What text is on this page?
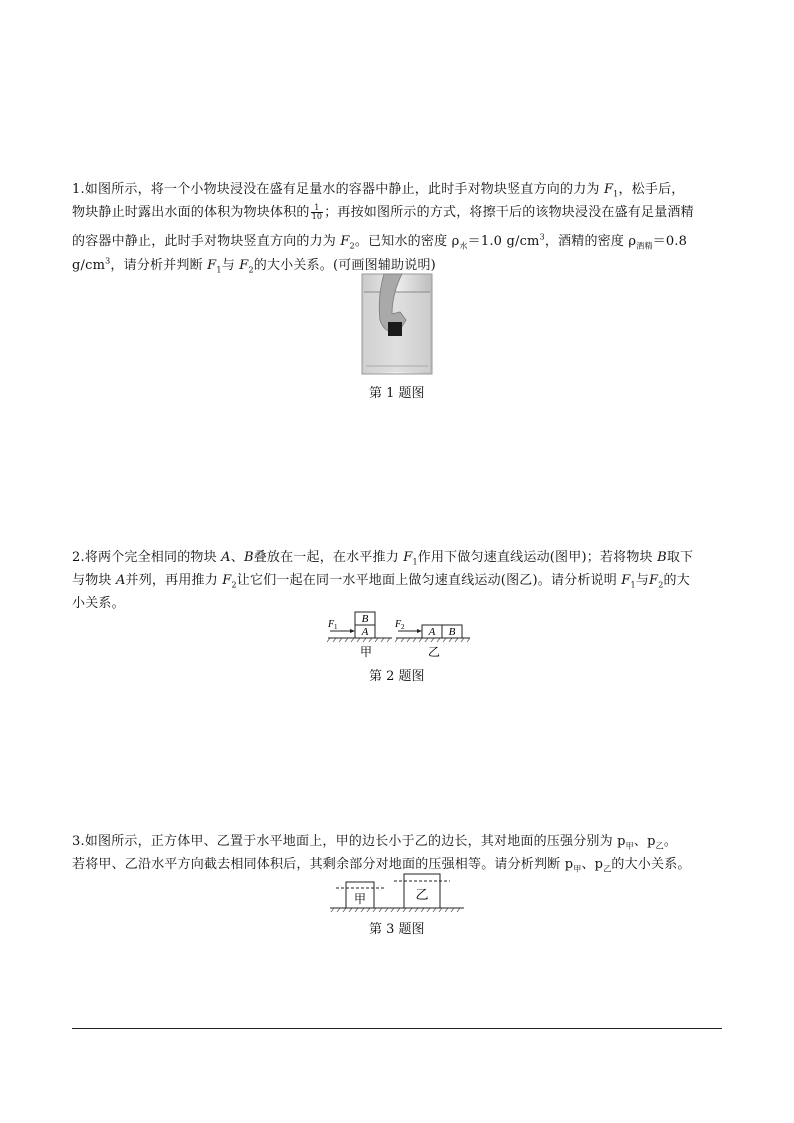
1.如图所示，将一个小物块浸没在盛有足量水的容器中静止，此时手对物块竖直方向的力为 $F_1$，松手后，
物块静止时露出水面的体积为物块体积的 $\frac{1}{10}$ ；再按如图所示的方式，将擦干后的该物块浸没在盛有足量酒精
的容器中静止，此时手对物块竖直方向的力为 $F_2$。已知水的密度 $\rho_水=1.0$ $g/cm^3$，酒精的密度 $\rho_{酒精}=0.8$
$g/cm^3$，请分析并判断 $F_1$与 $F_2$的大小关系。(可画图辅助说明)
第 1 题图
2.将两个完全相同的物块 A、B叠放在一起，在水平推力 $F_1$作用下做匀速直线运动(图甲)；若将物块 B取下
与物块 A并列，再用推力 $F_2$让它们一起在同一水平地面上做匀速直线运动(图乙)。请分析说明 $F_1$与$F_2$的大
小关系。
B
A
F 1
甲
A B
F 2
乙
第 2 题图
3.如图所示，正方体甲、乙置于水平地面上，甲的边长小于乙的边长，其对地面的压强分别为 $p_甲$、$p_乙$。
若将甲、乙沿水平方向截去相同体积后，其剩余部分对地面的压强相等。请分析判断 $p_甲$、$p_乙$的大小关系。
甲	乙
第 3 题图
